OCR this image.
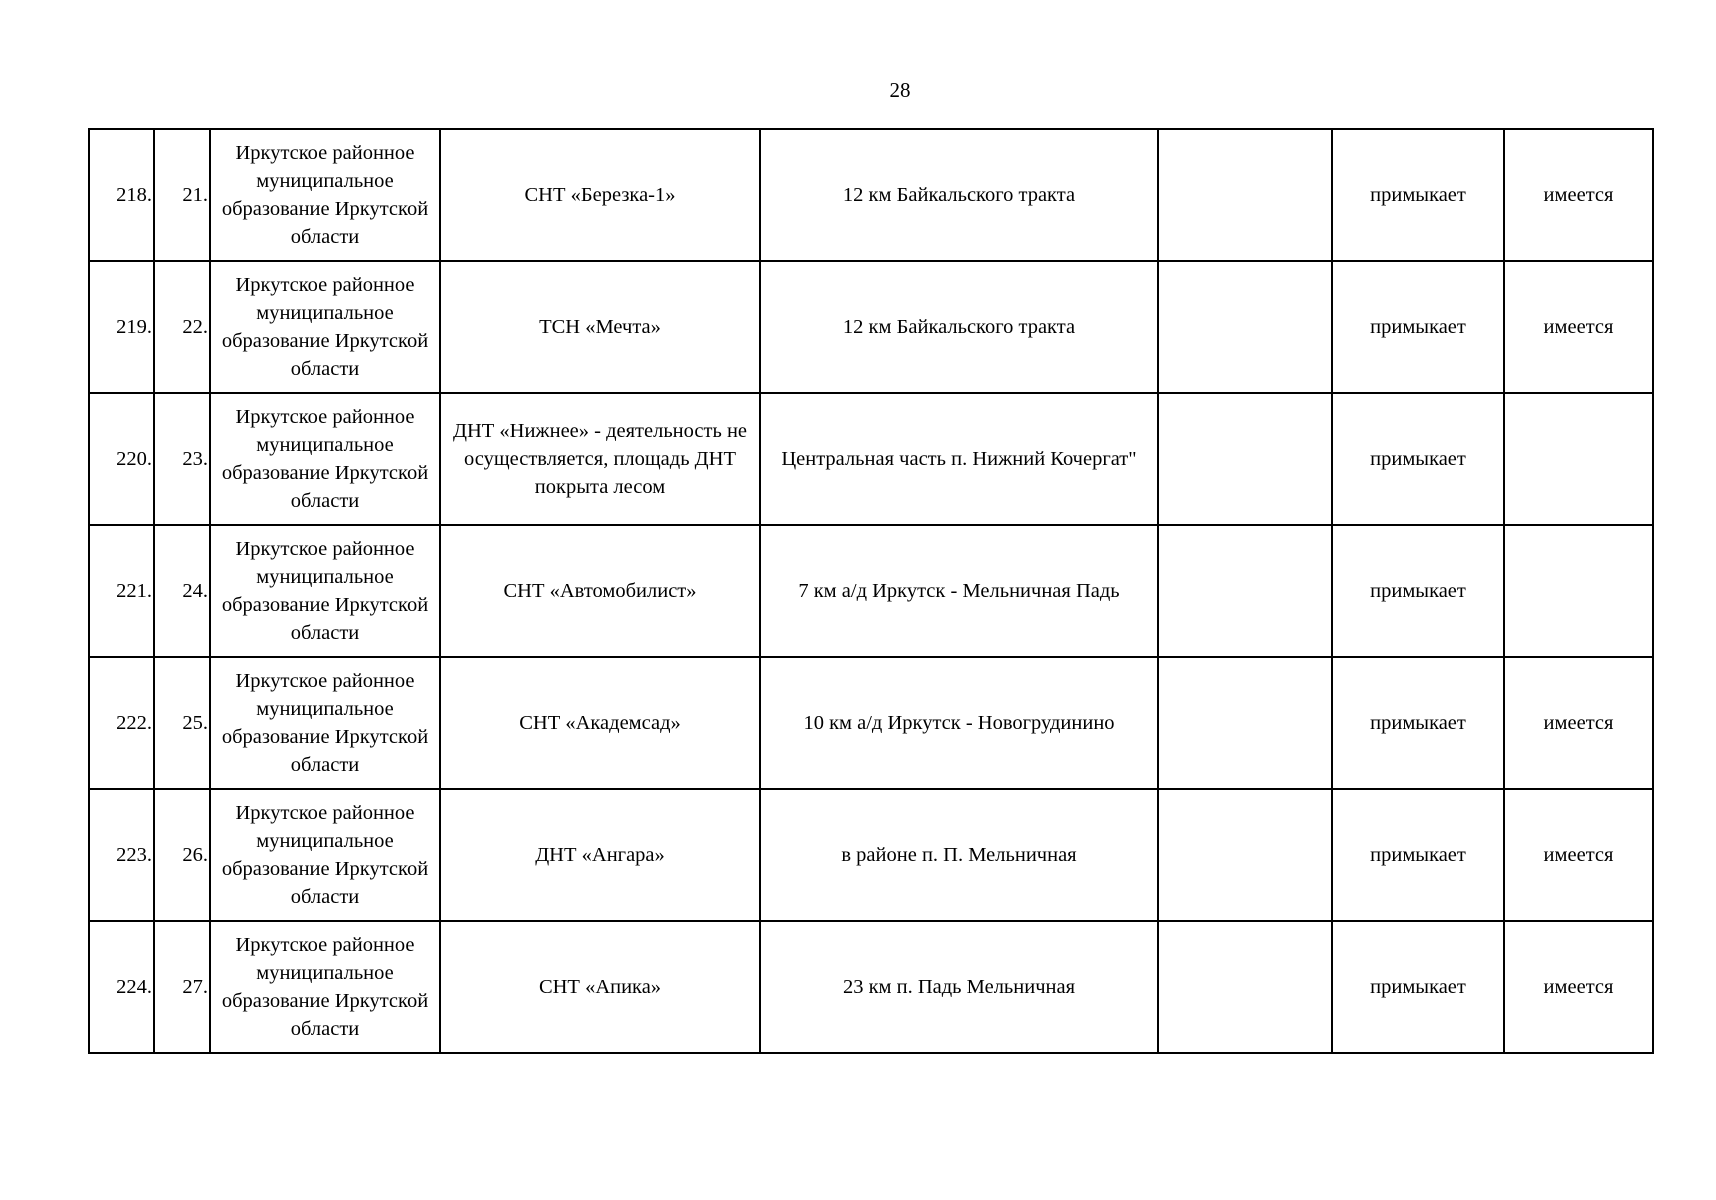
28
218.	21.	Иркутское районное муниципальное образование Иркутской области	СНТ «Березка-1»	12 км Байкальского тракта		примыкает	имеется
219.	22.	Иркутское районное муниципальное образование Иркутской области	ТСН «Мечта»	12 км Байкальского тракта		примыкает	имеется
220.	23.	Иркутское районное муниципальное образование Иркутской области	ДНТ «Нижнее» - деятельность не осуществляется, площадь ДНТ покрыта лесом	Центральная часть п. Нижний Кочергат"		примыкает	
221.	24.	Иркутское районное муниципальное образование Иркутской области	СНТ «Автомобилист»	7 км а/д Иркутск - Мельничная Падь		примыкает	
222.	25.	Иркутское районное муниципальное образование Иркутской области	СНТ «Академсад»	10 км а/д Иркутск - Новогрудинино		примыкает	имеется
223.	26.	Иркутское районное муниципальное образование Иркутской области	ДНТ «Ангара»	в районе п. П. Мельничная		примыкает	имеется
224.	27.	Иркутское районное муниципальное образование Иркутской области	СНТ «Апика»	23 км п. Падь Мельничная		примыкает	имеется
